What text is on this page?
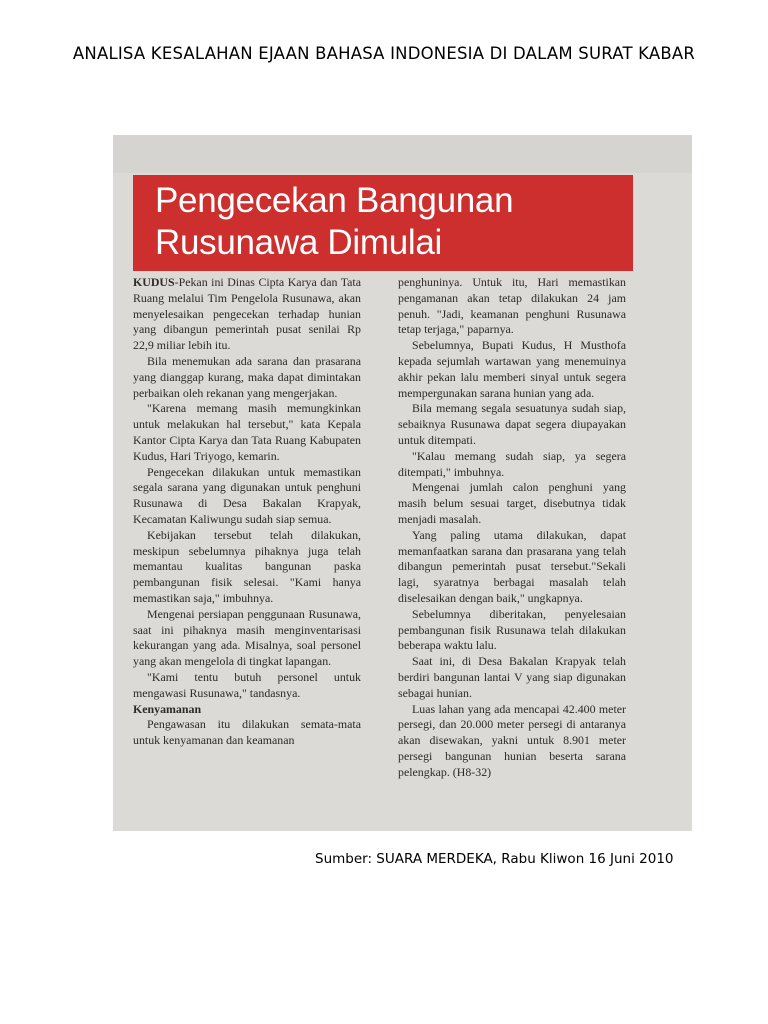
ANALISA KESALAHAN EJAAN BAHASA INDONESIA DI DALAM SURAT KABAR
Pengecekan Bangunan
Rusunawa Dimulai

KUDUS-Pekan ini Dinas Cipta Karya dan Tata Ruang melalui Tim Pengelola Rusunawa, akan menyelesaikan pengecekan terhadap hunian yang dibangun pemerintah pusat senilai Rp 22,9 miliar lebih itu.

Bila menemukan ada sarana dan prasarana yang dianggap kurang, maka dapat dimintakan perbaikan oleh rekanan yang mengerjakan.

"Karena memang masih memungkinkan untuk melakukan hal tersebut," kata Kepala Kantor Cipta Karya dan Tata Ruang Kabupaten Kudus, Hari Triyogo, kemarin.

Pengecekan dilakukan untuk memastikan segala sarana yang digunakan untuk penghuni Rusunawa di Desa Bakalan Krapyak, Kecamatan Kaliwungu sudah siap semua.

Kebijakan tersebut telah dilakukan, meskipun sebelumnya pihaknya juga telah memantau kualitas bangunan paska pembangunan fisik selesai. "Kami hanya memastikan saja," imbuhnya.

Mengenai persiapan penggunaan Rusunawa, saat ini pihaknya masih menginventarisasi kekurangan yang ada. Misalnya, soal personel yang akan mengelola di tingkat lapangan.

"Kami tentu butuh personel untuk mengawasi Rusunawa," tandasnya.

Kenyamanan

Pengawasan itu dilakukan semata-mata untuk kenyamanan dan keamanan

penghuninya. Untuk itu, Hari memastikan pengamanan akan tetap dilakukan 24 jam penuh. "Jadi, keamanan penghuni Rusunawa tetap terjaga," paparnya.

Sebelumnya, Bupati Kudus, H Musthofa kepada sejumlah wartawan yang menemuinya akhir pekan lalu memberi sinyal untuk segera mempergunakan sarana hunian yang ada.

Bila memang segala sesuatunya sudah siap, sebaiknya Rusunawa dapat segera diupayakan untuk ditempati.

"Kalau memang sudah siap, ya segera ditempati," imbuhnya.

Mengenai jumlah calon penghuni yang masih belum sesuai target, disebutnya tidak menjadi masalah.

Yang paling utama dilakukan, dapat memanfaatkan sarana dan prasarana yang telah dibangun pemerintah pusat tersebut."Sekali lagi, syaratnya berbagai masalah telah diselesaikan dengan baik," ungkapnya.

Sebelumnya diberitakan, penyelesaian pembangunan fisik Rusunawa telah dilakukan beberapa waktu lalu.

Saat ini, di Desa Bakalan Krapyak telah berdiri bangunan lantai V yang siap digunakan sebagai hunian.

Luas lahan yang ada mencapai 42.400 meter persegi, dan 20.000 meter persegi di antaranya akan disewakan, yakni untuk 8.901 meter persegi bangunan hunian beserta sarana pelengkap. (H8-32)

Sumber: SUARA MERDEKA, Rabu Kliwon 16 Juni 2010
